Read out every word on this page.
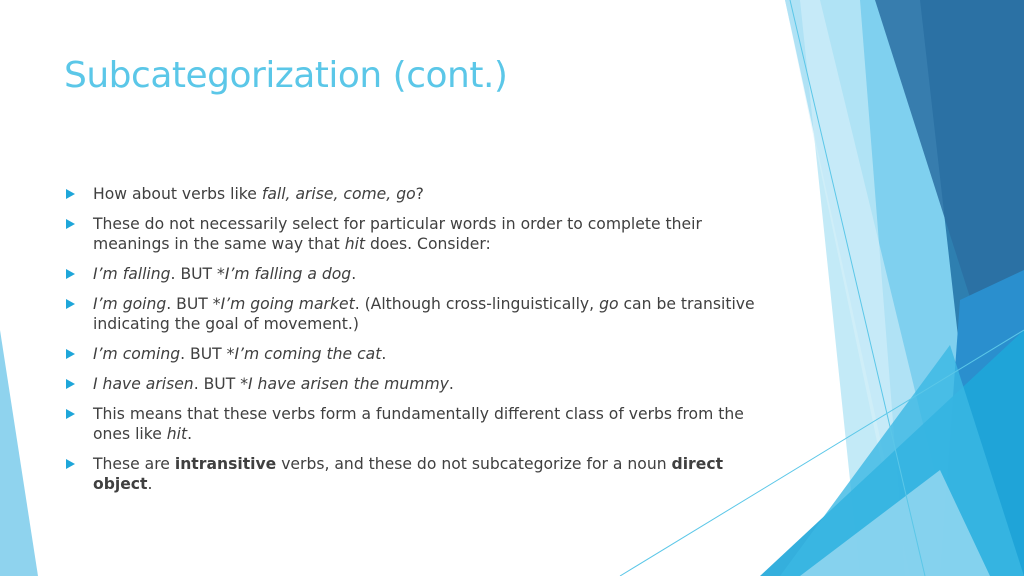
Subcategorization (cont.)
How about verbs like fall, arise, come, go?
These do not necessarily select for particular words in order to complete their meanings in the same way that hit does. Consider:
I’m falling. BUT *I’m falling a dog.
I’m going. BUT *I’m going market. (Although cross-linguistically, go can be transitive indicating the goal of movement.)
I’m coming. BUT *I’m coming the cat.
I have arisen. BUT *I have arisen the mummy.
This means that these verbs form a fundamentally different class of verbs from the ones like hit.
These are intransitive verbs, and these do not subcategorize for a noun direct object.
